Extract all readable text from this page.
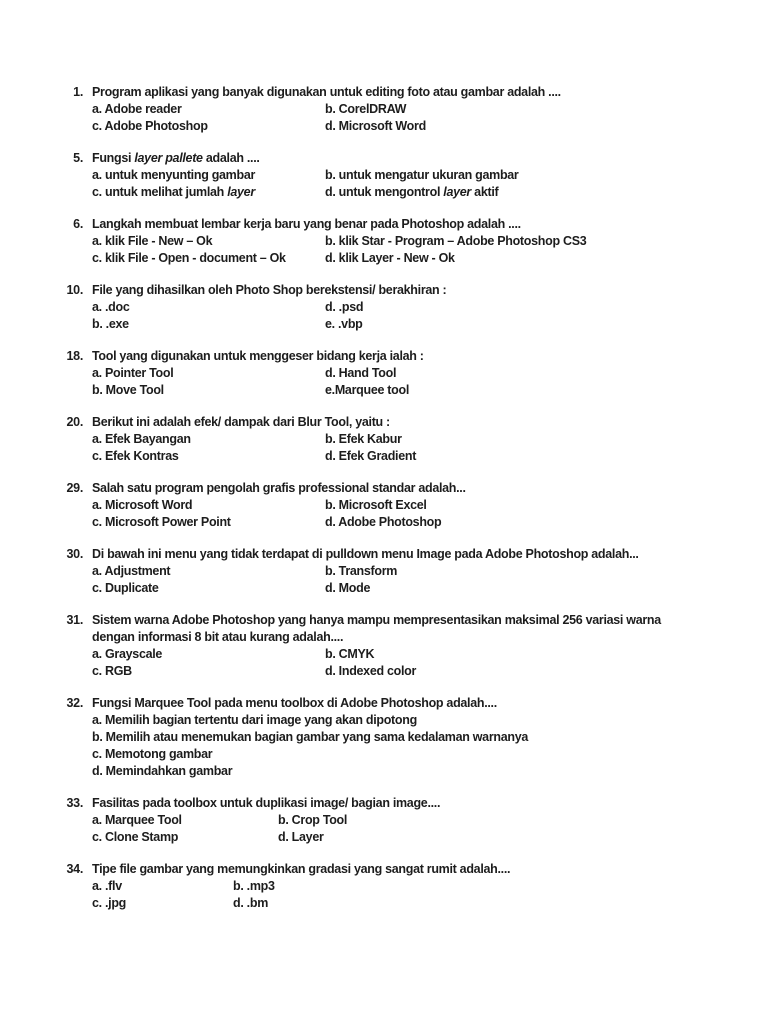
1. Program aplikasi yang banyak digunakan untuk editing foto atau gambar adalah ....
a. Adobe reader	b. CorelDRAW
c. Adobe Photoshop	d. Microsoft Word
5. Fungsi layer pallete adalah ....
a. untuk menyunting gambar	b. untuk mengatur ukuran gambar
c. untuk melihat jumlah layer	d. untuk mengontrol layer aktif
6. Langkah membuat lembar kerja baru yang benar pada Photoshop adalah ....
a. klik File - New – Ok	b. klik Star - Program – Adobe Photoshop CS3
c. klik File - Open - document – Ok	d. klik Layer - New - Ok
10. File yang dihasilkan oleh Photo Shop berekstensi/ berakhiran :
a. .doc	d. .psd
b. .exe	e. .vbp
18. Tool yang digunakan untuk menggeser bidang kerja ialah :
a. Pointer Tool	d. Hand Tool
b. Move Tool	e.Marquee tool
20. Berikut ini adalah efek/ dampak dari Blur Tool, yaitu :
a. Efek Bayangan	b. Efek Kabur
c. Efek Kontras	d. Efek Gradient
29. Salah satu program pengolah grafis professional standar adalah...
a. Microsoft Word	b. Microsoft Excel
c. Microsoft Power Point	d. Adobe Photoshop
30. Di bawah ini menu yang tidak terdapat di pulldown menu Image pada Adobe Photoshop adalah...
a. Adjustment	b. Transform
c. Duplicate	d. Mode
31. Sistem warna Adobe Photoshop yang hanya mampu mempresentasikan maksimal 256 variasi warna
dengan informasi 8 bit atau kurang adalah....
a. Grayscale	b. CMYK
c. RGB	d. Indexed color
32. Fungsi Marquee Tool pada menu toolbox di Adobe Photoshop adalah....
a. Memilih bagian tertentu dari image yang akan dipotong
b. Memilih atau menemukan bagian gambar yang sama kedalaman warnanya
c. Memotong gambar
d. Memindahkan gambar
33. Fasilitas pada toolbox untuk duplikasi image/ bagian image....
a. Marquee Tool	b. Crop Tool
c. Clone Stamp	d. Layer
34. Tipe file gambar yang memungkinkan gradasi yang sangat rumit adalah....
a. .flv	b. .mp3
c. .jpg	d. .bm
